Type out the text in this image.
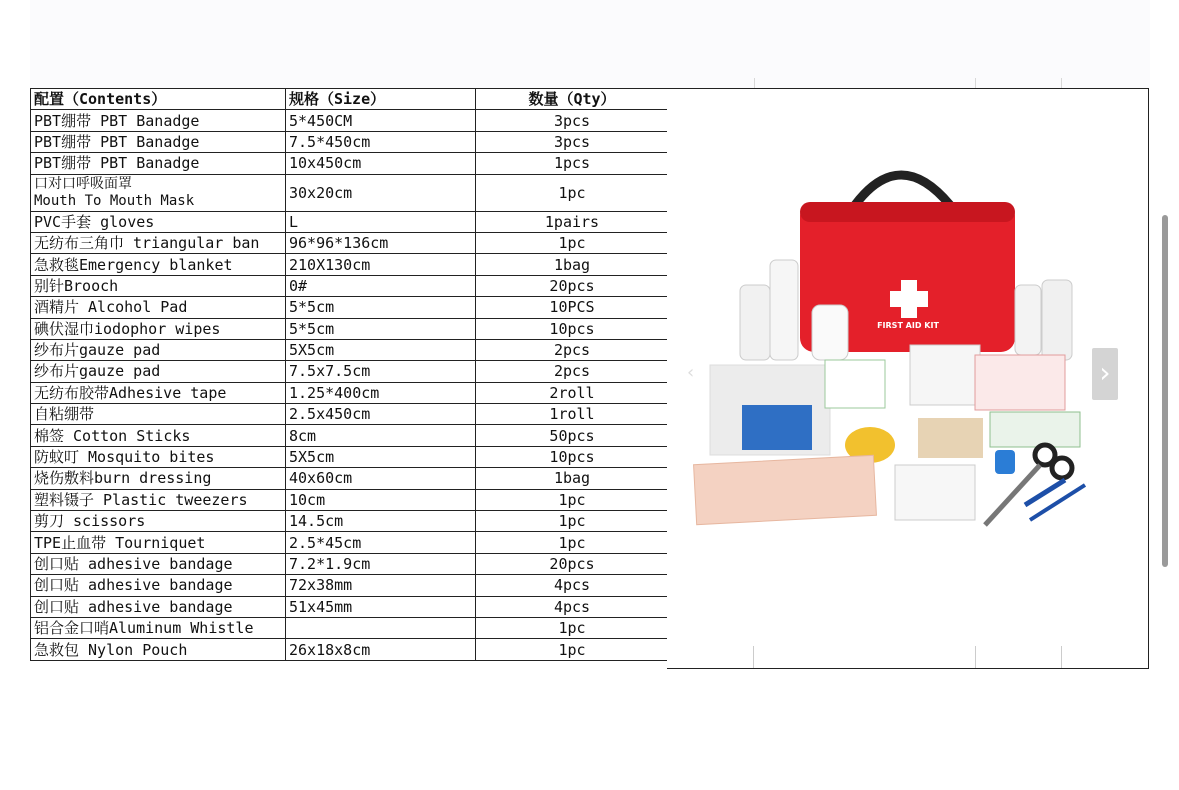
配置（Contents）	规格（Size）	数量（Qty）
PBT绷带 PBT Banadge	5*450CM	3pcs
PBT绷带 PBT Banadge	7.5*450cm	3pcs
PBT绷带 PBT Banadge	10x450cm	1pcs

口对口呼吸面罩
Mouth To Mouth Mask	30x20cm	1pc
PVC手套 gloves	L	1pairs
无纺布三角巾 triangular ban	96*96*136cm	1pc
急救毯Emergency blanket	210X130cm	1bag
别针Brooch	0#	20pcs
酒精片 Alcohol Pad	5*5cm	10PCS
碘伏湿巾iodophor wipes	5*5cm	10pcs
纱布片gauze pad	5X5cm	2pcs
纱布片gauze pad	7.5x7.5cm	2pcs
无纺布胶带Adhesive tape	1.25*400cm	2roll
自粘绷带	2.5x450cm	1roll
棉签 Cotton Sticks	8cm	50pcs
防蚊叮 Mosquito bites	5X5cm	10pcs
烧伤敷料burn dressing	40x60cm	1bag
塑料镊子 Plastic tweezers	10cm	1pc
剪刀 scissors	14.5cm	1pc
TPE止血带 Tourniquet	2.5*45cm	1pc
创口贴 adhesive bandage	7.2*1.9cm	20pcs
创口贴 adhesive bandage	72x38mm	4pcs
创口贴 adhesive bandage	51x45mm	4pcs
铝合金口哨Aluminum Whistle		1pc
急救包 Nylon Pouch	26x18x8cm	1pc
FIRST AID KIT
‹	›
